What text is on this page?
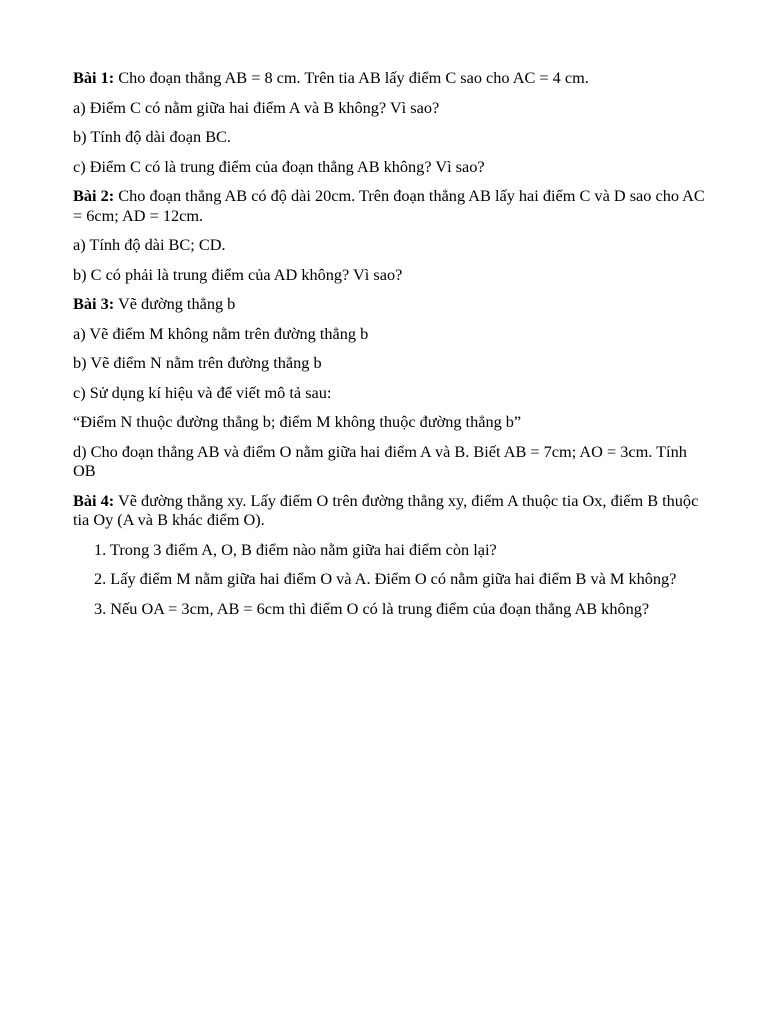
Bài 1: Cho đoạn thẳng AB = 8 cm. Trên tia AB lấy điểm C sao cho AC = 4 cm.

a) Điểm C có nằm giữa hai điểm A và B không? Vì sao?

b) Tính độ dài đoạn BC.

c) Điểm C có là trung điểm của đoạn thẳng AB không? Vì sao?

Bài 2: Cho đoạn thẳng AB có độ dài 20cm. Trên đoạn thẳng AB lấy hai điểm C và D sao cho AC = 6cm; AD = 12cm.

a) Tính độ dài BC; CD.

b) C có phải là trung điểm của AD không? Vì sao?

Bài 3: Vẽ đường thẳng b

a) Vẽ điểm M không nằm trên đường thẳng b

b) Vẽ điểm N nằm trên đường thẳng b

c) Sử dụng kí hiệu và để viết mô tả sau:

“Điểm N thuộc đường thẳng b; điểm M không thuộc đường thẳng b”

d) Cho đoạn thẳng AB và điểm O nằm giữa hai điểm A và B. Biết AB = 7cm; AO = 3cm. Tính OB

Bài 4: Vẽ đường thẳng xy. Lấy điểm O trên đường thẳng xy, điểm A thuộc tia Ox, điểm B thuộc tia Oy (A và B khác điểm O).

1. Trong 3 điểm A, O, B điểm nào nằm giữa hai điểm còn lại?

2. Lấy điểm M nằm giữa hai điểm O và A. Điểm O có nằm giữa hai điểm B và M không?

3. Nếu OA = 3cm, AB = 6cm thì điểm O có là trung điểm của đoạn thẳng AB không?
